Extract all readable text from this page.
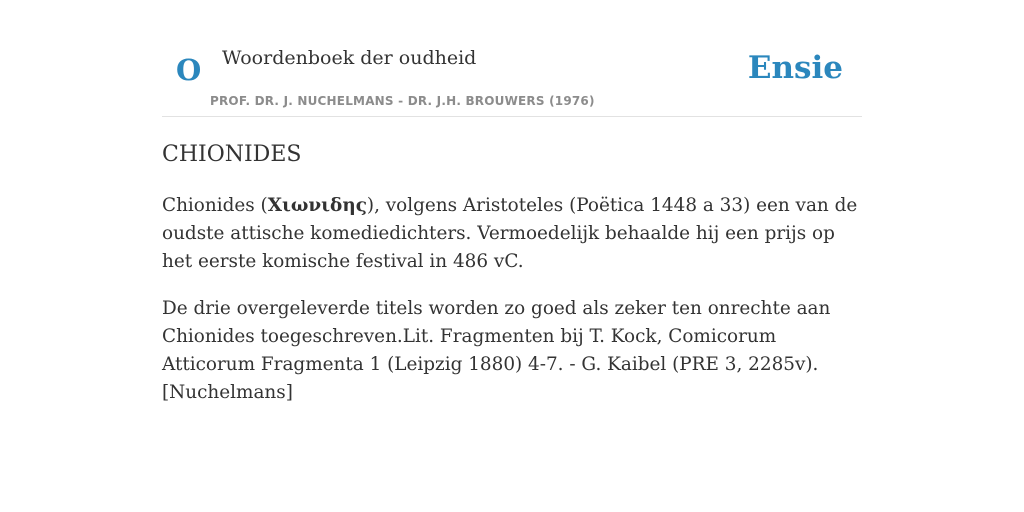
O Woordenboek der oudheid
PROF. DR. J. NUCHELMANS - DR. J.H. BROUWERS (1976)
Ensie
CHIONIDES

Chionides (Χιωνιδης), volgens Aristoteles (Poëtica 1448 a 33) een van de oudste attische komediedichters. Vermoedelijk behaalde hij een prijs op het eerste komische festival in 486 vC.

De drie overgeleverde titels worden zo goed als zeker ten onrechte aan Chionides toegeschreven.Lit. Fragmenten bij T. Kock, Comicorum Atticorum Fragmenta 1 (Leipzig 1880) 4-7. - G. Kaibel (PRE 3, 2285v). [Nuchelmans]
